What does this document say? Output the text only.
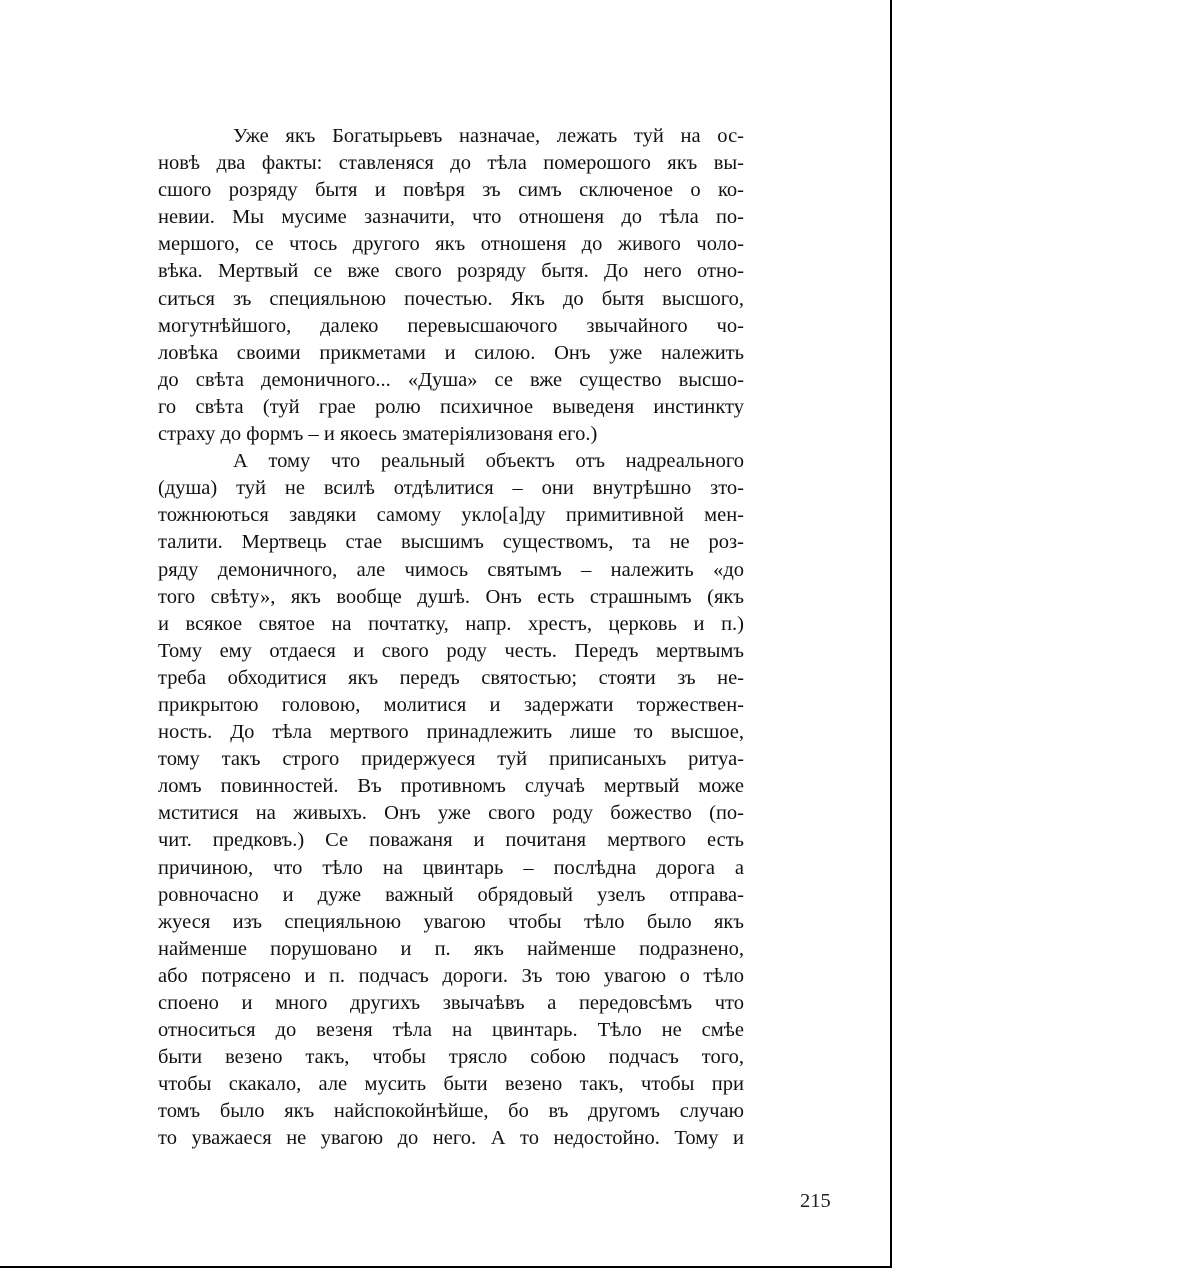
Уже якъ Богатырьевъ назначае, лежать туй на ос-
новѣ два факты: ставленяся до тѣла померошого якъ вы-
сшого розряду бытя и повѣря зъ симъ сключеное о ко-
невии. Мы мусиме зазначити, что отношеня до тѣла по-
мершого, се чтось другого якъ отношеня до живого чоло-
вѣка. Мертвый се вже свого розряду бытя. До него отно-
ситься зъ специяльною почестью. Якъ до бытя высшого,
могутнѣйшого, далеко перевысшаючого звычайного чо-
ловѣка своими прикметами и силою. Онъ уже належить
до свѣта демоничного... «Душа» се вже существо высшо-
го свѣта (туй грае ролю психичное выведеня инстинкту
страху до формъ – и якоесь зматеріялизованя его.)
А тому что реальный объектъ отъ надреального
(душа) туй не всилѣ отдѣлитися – они внутрѣшно зто-
тожнюються завдяки самому укло[а]ду примитивной мен-
талити. Мертвець стае высшимъ существомъ, та не роз-
ряду демоничного, але чимось святымъ – належить «до
того свѣту», якъ вообще душѣ. Онъ есть страшнымъ (якъ
и всякое святое на почтатку, напр. хрестъ, церковь и п.)
Тому ему отдаеся и свого роду честь. Передъ мертвымъ
треба обходитися якъ передъ святостью; стояти зъ не-
прикрытою головою, молитися и задержати торжествен-
ность. До тѣла мертвого принадлежить лише то высшое,
тому такъ строго придержуеся туй приписаныхъ ритуа-
ломъ повинностей. Въ противномъ случаѣ мертвый може
мститися на живыхъ. Онъ уже свого роду божество (по-
чит. предковъ.) Се поважаня и почитаня мертвого есть
причиною, что тѣло на цвинтарь – послѣдна дорога а
ровночасно и дуже важный обрядовый узелъ отправа-
жуеся изъ специяльною увагою чтобы тѣло было якъ
найменше порушовано и п. якъ найменше подразнено,
або потрясено и п. подчасъ дороги. Зъ тою увагою о тѣло
споено и много другихъ звычаѣвъ а передовсѣмъ что
относиться до везеня тѣла на цвинтарь. Тѣло не смѣе
быти везено такъ, чтобы трясло собою подчасъ того,
чтобы скакало, але мусить быти везено такъ, чтобы при
томъ было якъ найспокойнѣйше, бо въ другомъ случаю
то уважаеся не увагою до него. А то недостойно. Тому и
215
